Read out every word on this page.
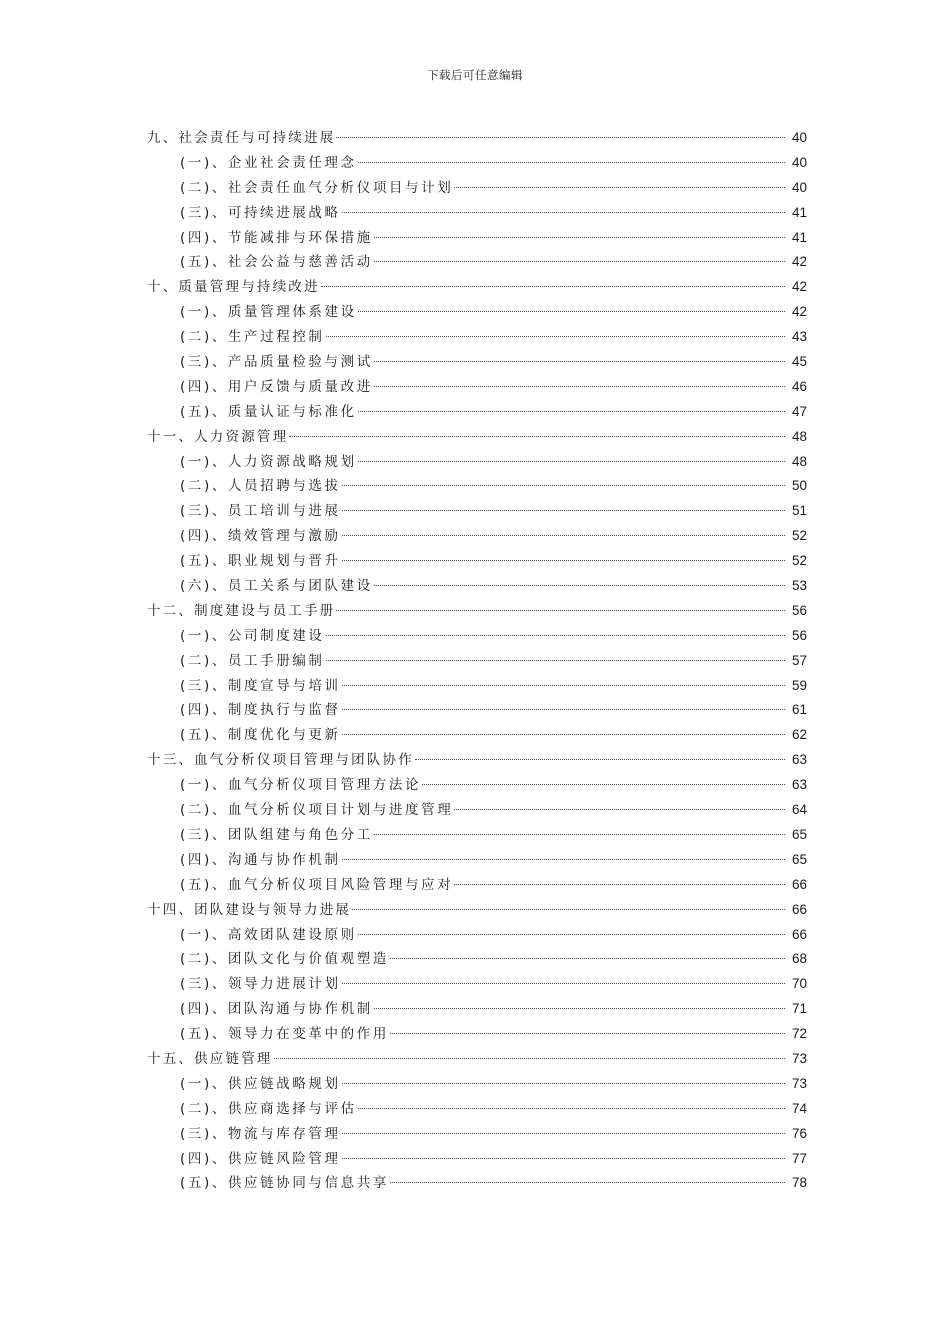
下载后可任意编辑
九、社会责任与可持续进展	40
(一)、企业社会责任理念	40
(二)、社会责任血气分析仪项目与计划	40
(三)、可持续进展战略	41
(四)、节能减排与环保措施	41
(五)、社会公益与慈善活动	42
十、质量管理与持续改进	42
(一)、质量管理体系建设	42
(二)、生产过程控制	43
(三)、产品质量检验与测试	45
(四)、用户反馈与质量改进	46
(五)、质量认证与标准化	47
十一、人力资源管理	48
(一)、人力资源战略规划	48
(二)、人员招聘与选拔	50
(三)、员工培训与进展	51
(四)、绩效管理与激励	52
(五)、职业规划与晋升	52
(六)、员工关系与团队建设	53
十二、制度建设与员工手册	56
(一)、公司制度建设	56
(二)、员工手册编制	57
(三)、制度宣导与培训	59
(四)、制度执行与监督	61
(五)、制度优化与更新	62
十三、血气分析仪项目管理与团队协作	63
(一)、血气分析仪项目管理方法论	63
(二)、血气分析仪项目计划与进度管理	64
(三)、团队组建与角色分工	65
(四)、沟通与协作机制	65
(五)、血气分析仪项目风险管理与应对	66
十四、团队建设与领导力进展	66
(一)、高效团队建设原则	66
(二)、团队文化与价值观塑造	68
(三)、领导力进展计划	70
(四)、团队沟通与协作机制	71
(五)、领导力在变革中的作用	72
十五、供应链管理	73
(一)、供应链战略规划	73
(二)、供应商选择与评估	74
(三)、物流与库存管理	76
(四)、供应链风险管理	77
(五)、供应链协同与信息共享	78
